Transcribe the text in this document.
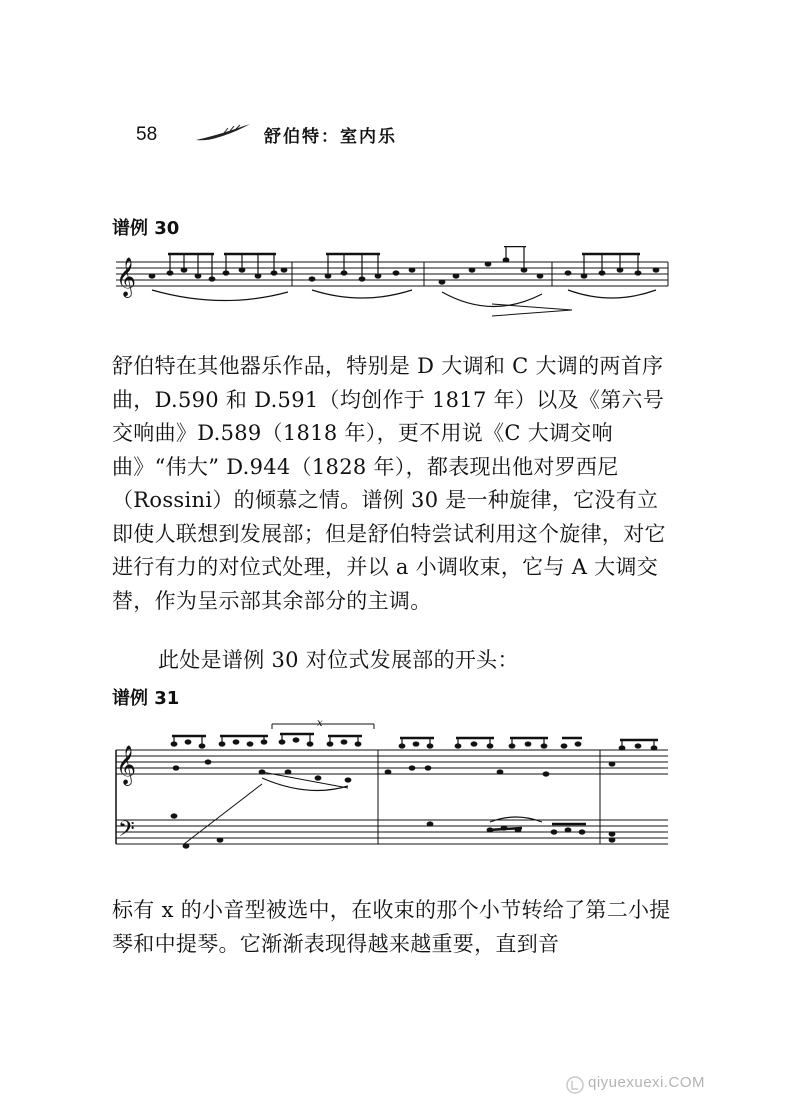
58	舒伯特：室内乐
谱例 30
𝄞

舒伯特在其他器乐作品，特别是 D 大调和 C 大调的两首序曲，D.590 和 D.591（均创作于 1817 年）以及《第六号交响曲》D.589（1818 年），更不用说《C 大调交响曲》“伟大” D.944（1828 年），都表现出他对罗西尼（Rossini）的倾慕之情。谱例 30 是一种旋律，它没有立即使人联想到发展部；但是舒伯特尝试利用这个旋律，对它进行有力的对位式处理，并以 a 小调收束，它与 A 大调交替，作为呈示部其余部分的主调。

此处是谱例 30 对位式发展部的开头：

谱例 31
𝄞
𝄢
x

标有 x 的小音型被选中，在收束的那个小节转给了第二小提琴和中提琴。它渐渐表现得越来越重要，直到音

qiyuexuexi.COM
